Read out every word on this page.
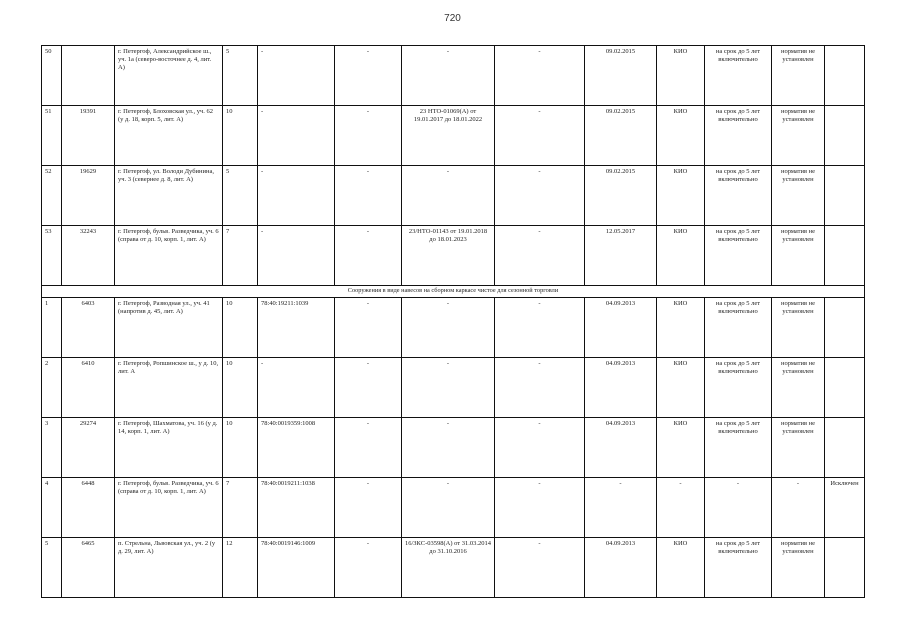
720
50		г. Петергоф, Александрийское ш., уч. 1а (северо-восточнее д. 4, лит. А)	5	-	-	-	-	09.02.2015	КИО	на срок до 5 лет включительно	норматив не установлен	
51	19391	г. Петергоф, Блоховская ул., уч. 62 (у д. 18, корп. 5, лит. А)	10	-	-	23 НТО-01069(А) от 19.01.2017 до 18.01.2022	-	09.02.2015	КИО	на срок до 5 лет включительно	норматив не установлен	
52	19629	г. Петергоф, ул. Володи Дубинина, уч. 3 (севернее д. 8, лит. А)	5	-	-	-	-	09.02.2015	КИО	на срок до 5 лет включительно	норматив не установлен	
53	32243	г. Петергоф, бульв. Разведчика, уч. 6 (справа от д. 10, корп. 1, лит. А)	7	-	-	23/НТО-01143 от 19.01.2018 до 18.01.2023	-	12.05.2017	КИО	на срок до 5 лет включительно	норматив не установлен	
Сооружения в виде навесов на сборном каркасе чиcтое для сезонной торговли												
1	6403	г. Петергоф, Разводная ул., уч. 41 (напротив д. 45, лит. А)	10	78:40:19211:1039	-	-	-	04.09.2013	КИО	на срок до 5 лет включительно	норматив не установлен	
2	6410	г. Петергоф, Ропшинское ш., у д. 10, лит. А	10	-	-	-	-	04.09.2013	КИО	на срок до 5 лет включительно	норматив не установлен	
3	29274	г. Петергоф, Шахматова, уч. 16 (у д. 14, корп. 1, лит. А)	10	78:40:0019359:1008	-	-	-	04.09.2013	КИО	на срок до 5 лет включительно	норматив не установлен	
4	6448	г. Петергоф, бульв. Разведчика, уч. 6 (справа от д. 10, корп. 1, лит. А)	7	78:40:0019211:1038	-	-	-	-	-	-	-	Исключен
5	6465	п. Стрельна, Львовская ул., уч. 2 (у д. 29, лит. А)	12	78:40:0019146:1009	-	16/ЗКС-03598(А) от 31.03.2014 до 31.10.2016	-	04.09.2013	КИО	на срок до 5 лет включительно	норматив не установлен	
